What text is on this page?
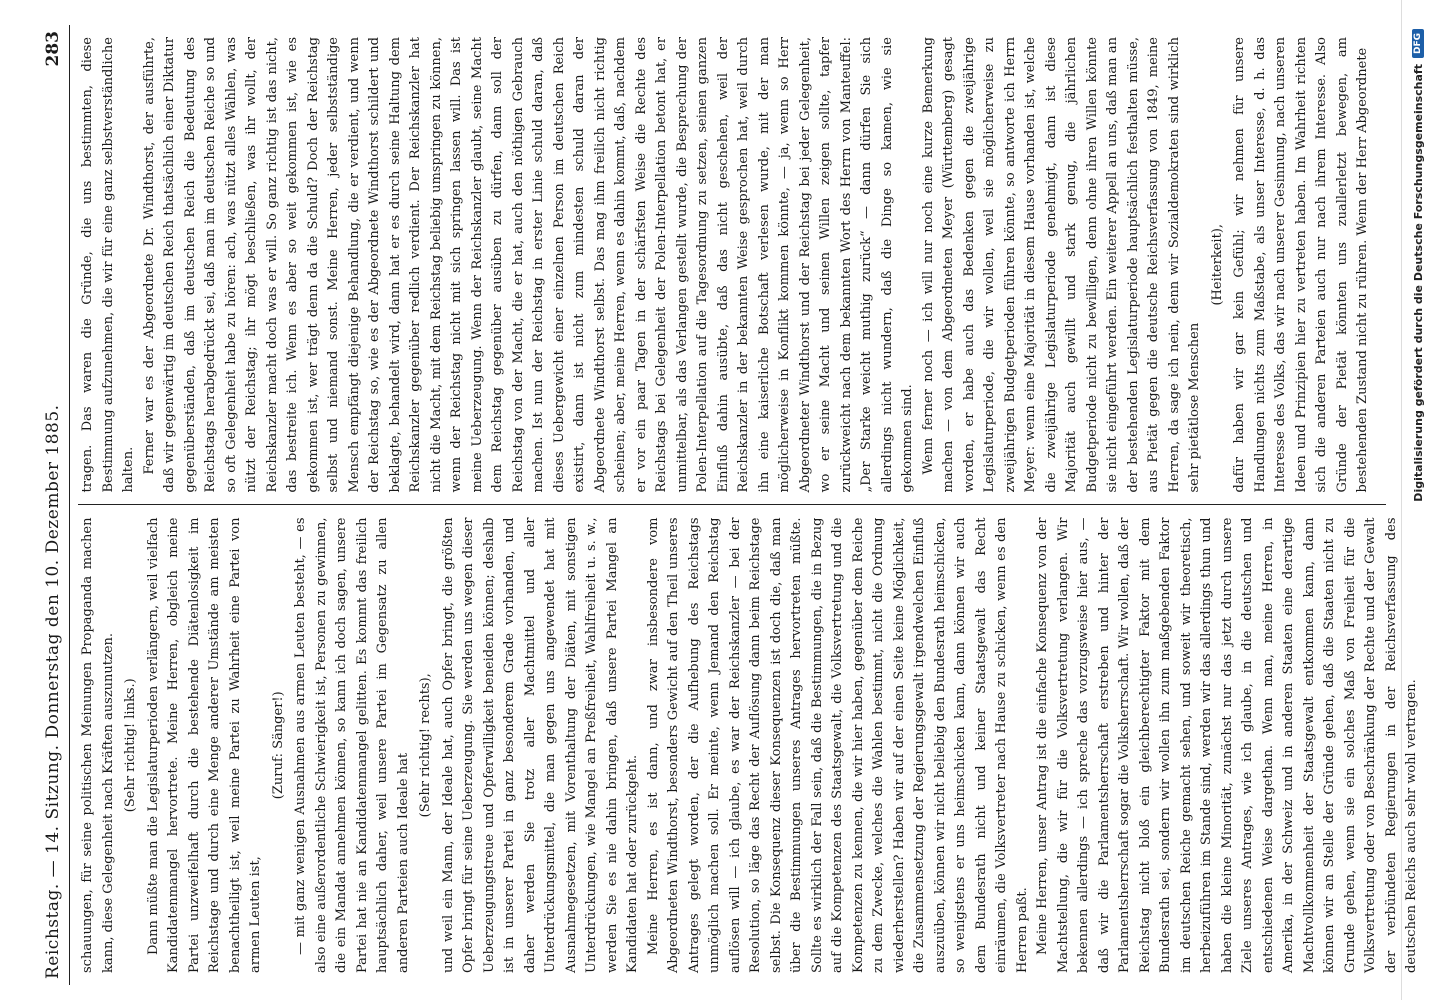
Reichstag. — 14. Sitzung. Donnerstag den 10. Dezember 1885.
283

schauungen, für seine politischen Meinungen Propaganda machen kann, diese Gelegenheit nach Kräften auszunutzen. (Sehr richtig! links.) Dann müßte man die Legislaturperioden verlängern, weil vielfach Kandidatenmangel hervortrete. Meine Herren, obgleich meine Partei unzweifelhaft durch die bestehende Diätenlosigkeit im Reichstage und durch eine Menge anderer Umstände am meisten benachtheiligt ist, weil meine Partei zu Wahrheit eine Partei von armen Leuten ist,

(Zuruf: Sänger!) — mit ganz wenigen Ausnahmen aus armen Leuten besteht, — es also eine außerordentliche Schwierigkeit ist, Personen zu gewinnen, die ein Mandat annehmen können, so kann ich doch sagen, unsere Partei hat nie an Kandidatenmangel gelitten. Es kommt das freilich hauptsächlich daher, weil unsere Partei im Gegensatz zu allen anderen Parteien auch Ideale hat

(Sehr richtig! rechts), und weil ein Mann, der Ideale hat, auch Opfer bringt, die größten Opfer bringt für seine Ueberzeugung. Sie werden uns wegen dieser Ueberzeugungstreue und Opferwilligkeit beneiden können; deshalb ist in unserer Partei in ganz besonderem Grade vorhanden, und daher werden Sie trotz aller Machtmittel und aller Unterdrückungsmittel, die man gegen uns angewendet hat mit Ausnahmegesetzen, mit Vorenthaltung der Diäten, mit sonstigen Unterdrückungen, wie Mangel an Preßfreiheit, Wahlfreiheit u. s. w., werden Sie es nie dahin bringen, daß unsere Partei Mangel an Kandidaten hat oder zurückgeht. Meine Herren, es ist dann, und zwar insbesondere vom Abgeordneten Windthorst, besonders Gewicht auf den Theil unseres Antrages gelegt worden, der die Aufhebung des Reichstags unmöglich machen soll. Er meinte, wenn Jemand den Reichstag auflösen will — ich glaube, es war der Reichskanzler — bei der Resolution, so läge das Recht der Auflösung dann beim Reichstage selbst. Die Konsequenz dieser Konsequenzen ist doch die, daß man über die Bestimmungen unseres Antrages hervortreten müßte. Sollte es wirklich der Fall sein, daß die Bestimmungen, die in Bezug auf die Kompetenzen des Staatsgewalt, die Volksvertretung und die Kompetenzen zu kennen, die wir hier haben, gegenüber dem Reiche zu dem Zwecke, welches die Wahlen bestimmt, nicht die Ordnung wiederherstellen? Haben wir auf der einen Seite keine Möglichkeit, die Zusammensetzung der Regierungsgewalt irgendwelchen Einfluß auszuüben, können wir nicht beliebig den Bundesrath heimschicken, so wenigstens er uns heimschicken kann, dann können wir auch dem Bundesrath nicht und keiner Staatsgewalt das Recht einräumen, die Volksvertreter nach Hause zu schicken, wenn es den Herren paßt. Meine Herren, unser Antrag ist die einfache Konsequenz von der Machtstellung, die wir für die Volksvertretung verlangen. Wir bekennen allerdings — ich spreche das vorzugsweise hier aus, — daß wir die Parlamentsherrschaft erstreben und hinter der Parlamentsherrschaft sogar die Volksherrschaft. Wir wollen, daß der Reichstag nicht bloß ein gleichberechtigter Faktor mit dem Bundesrath sei, sondern wir wollen ihn zum maßgebenden Faktor im deutschen Reiche gemacht sehen, und soweit wir theoretisch, herbeizuführen im Stande sind, werden wir das allerdings thun und haben die kleine Minorität, zunächst nur das jetzt durch unsere Ziele unseres Antrages, wie ich glaube, in die deutschen und entschiedenen Weise dargethan. Wenn man, meine Herren, in Amerika, in der Schweiz und in anderen Staaten eine derartige Machtvollkommenheit der Staatsgewalt entkommen kann, dann können wir an Stelle der Gründe gehen, daß die Staaten nicht zu Grunde gehen, wenn sie ein solches Maß von Freiheit für die Volksvertretung oder von Beschränkung der Rechte und der Gewalt der verbündeten Regierungen in der Reichsverfassung des deutschen Reichs auch sehr wohl vertragen.

tragen. Das waren die Gründe, die uns bestimmten, diese Bestimmung aufzunehmen, die wir für eine ganz selbstverständliche halten. Ferner war es der Abgeordnete Dr. Windthorst, der ausführte, daß wir gegenwärtig im deutschen Reich thatsächlich einer Diktatur gegenüberständen, daß im deutschen Reich die Bedeutung des Reichstags herabgedrückt sei, daß man im deutschen Reiche so und so oft Gelegenheit habe zu hören: ach, was nützt alles Wählen, was nützt der Reichstag; ihr mögt beschließen, was ihr wollt, der Reichskanzler macht doch was er will. So ganz richtig ist das nicht, das bestreite ich. Wenn es aber so weit gekommen ist, wie es gekommen ist, wer trägt denn da die Schuld? Doch der Reichstag selbst und niemand sonst. Meine Herren, jeder selbstständige Mensch empfängt diejenige Behandlung, die er verdient, und wenn der Reichstag so, wie es der Abgeordnete Windthorst schildert und beklagte, behandelt wird, dann hat er es durch seine Haltung dem Reichskanzler gegenüber redlich verdient. Der Reichskanzler hat nicht die Macht, mit dem Reichstag beliebig umspringen zu können, wenn der Reichstag nicht mit sich springen lassen will. Das ist meine Ueberzeugung. Wenn der Reichskanzler glaubt, seine Macht dem Reichstag gegenüber ausüben zu dürfen, dann soll der Reichstag von der Macht, die er hat, auch den nöthigen Gebrauch machen. Ist nun der Reichstag in erster Linie schuld daran, daß dieses Uebergewicht einer einzelnen Person im deutschen Reich existirt, dann ist nicht zum mindesten schuld daran der Abgeordnete Windthorst selbst. Das mag ihm freilich nicht richtig scheinen; aber, meine Herren, wenn es dahin kommt, daß, nachdem er vor ein paar Tagen in der schärfsten Weise die Rechte des Reichstags bei Gelegenheit der Polen-Interpellation betont hat, er unmittelbar, als das Verlangen gestellt wurde, die Besprechung der Polen-Interpellation auf die Tagesordnung zu setzen, seinen ganzen Einfluß dahin ausübte, daß das nicht geschehen, weil der Reichskanzler in der bekannten Weise gesprochen hat, weil durch ihn eine kaiserliche Botschaft verlesen wurde, mit der man möglicherweise in Konflikt kommen könnte, — ja, wenn so Herr Abgeordneter Windthorst und der Reichstag bei jeder Gelegenheit, wo er seine Macht und seinen Willen zeigen sollte, tapfer zurückweicht nach dem bekannten Wort des Herrn von Manteuffel: „Der Starke weicht muthig zurück“ — dann dürfen Sie sich allerdings nicht wundern, daß die Dinge so kamen, wie sie gekommen sind. Wenn ferner noch — ich will nur noch eine kurze Bemerkung machen — von dem Abgeordneten Meyer (Württemberg) gesagt worden, er habe auch das Bedenken gegen die zweijährige Legislaturperiode, die wir wollen, weil sie möglicherweise zu zweijährigen Budgetperioden führen könnte, so antworte ich Herrn Meyer: wenn eine Majorität in diesem Hause vorhanden ist, welche die zweijährige Legislaturperiode genehmigt, dann ist diese Majorität auch gewillt und stark genug, die jährlichen Budgetperiode nicht zu bewilligen, denn ohne ihren Willen könnte sie nicht eingeführt werden. Ein weiterer Appell an uns, daß man an der bestehenden Legislaturperiode hauptsächlich festhalten müsse, aus Pietät gegen die deutsche Reichsverfassung von 1849, meine Herren, da sage ich nein, denn wir Sozialdemokraten sind wirklich sehr pietätlose Menschen

(Heiterkeit), dafür haben wir gar kein Gefühl; wir nehmen für unsere Handlungen nichts zum Maßstabe, als unser Interesse, d. h. das Interesse des Volks, das wir nach unserer Gesinnung, nach unseren Ideen und Prinzipien hier zu vertreten haben. Im Wahrheit richten sich die anderen Parteien auch nur nach ihrem Interesse. Also Gründe der Pietät könnten uns zuallerletzt bewegen, am bestehenden Zustand nicht zu rühren. Wenn der Herr Abgeordnete	Digitalisierung gefördert durch die Deutsche Forschungsgemeinschaft
DFG
